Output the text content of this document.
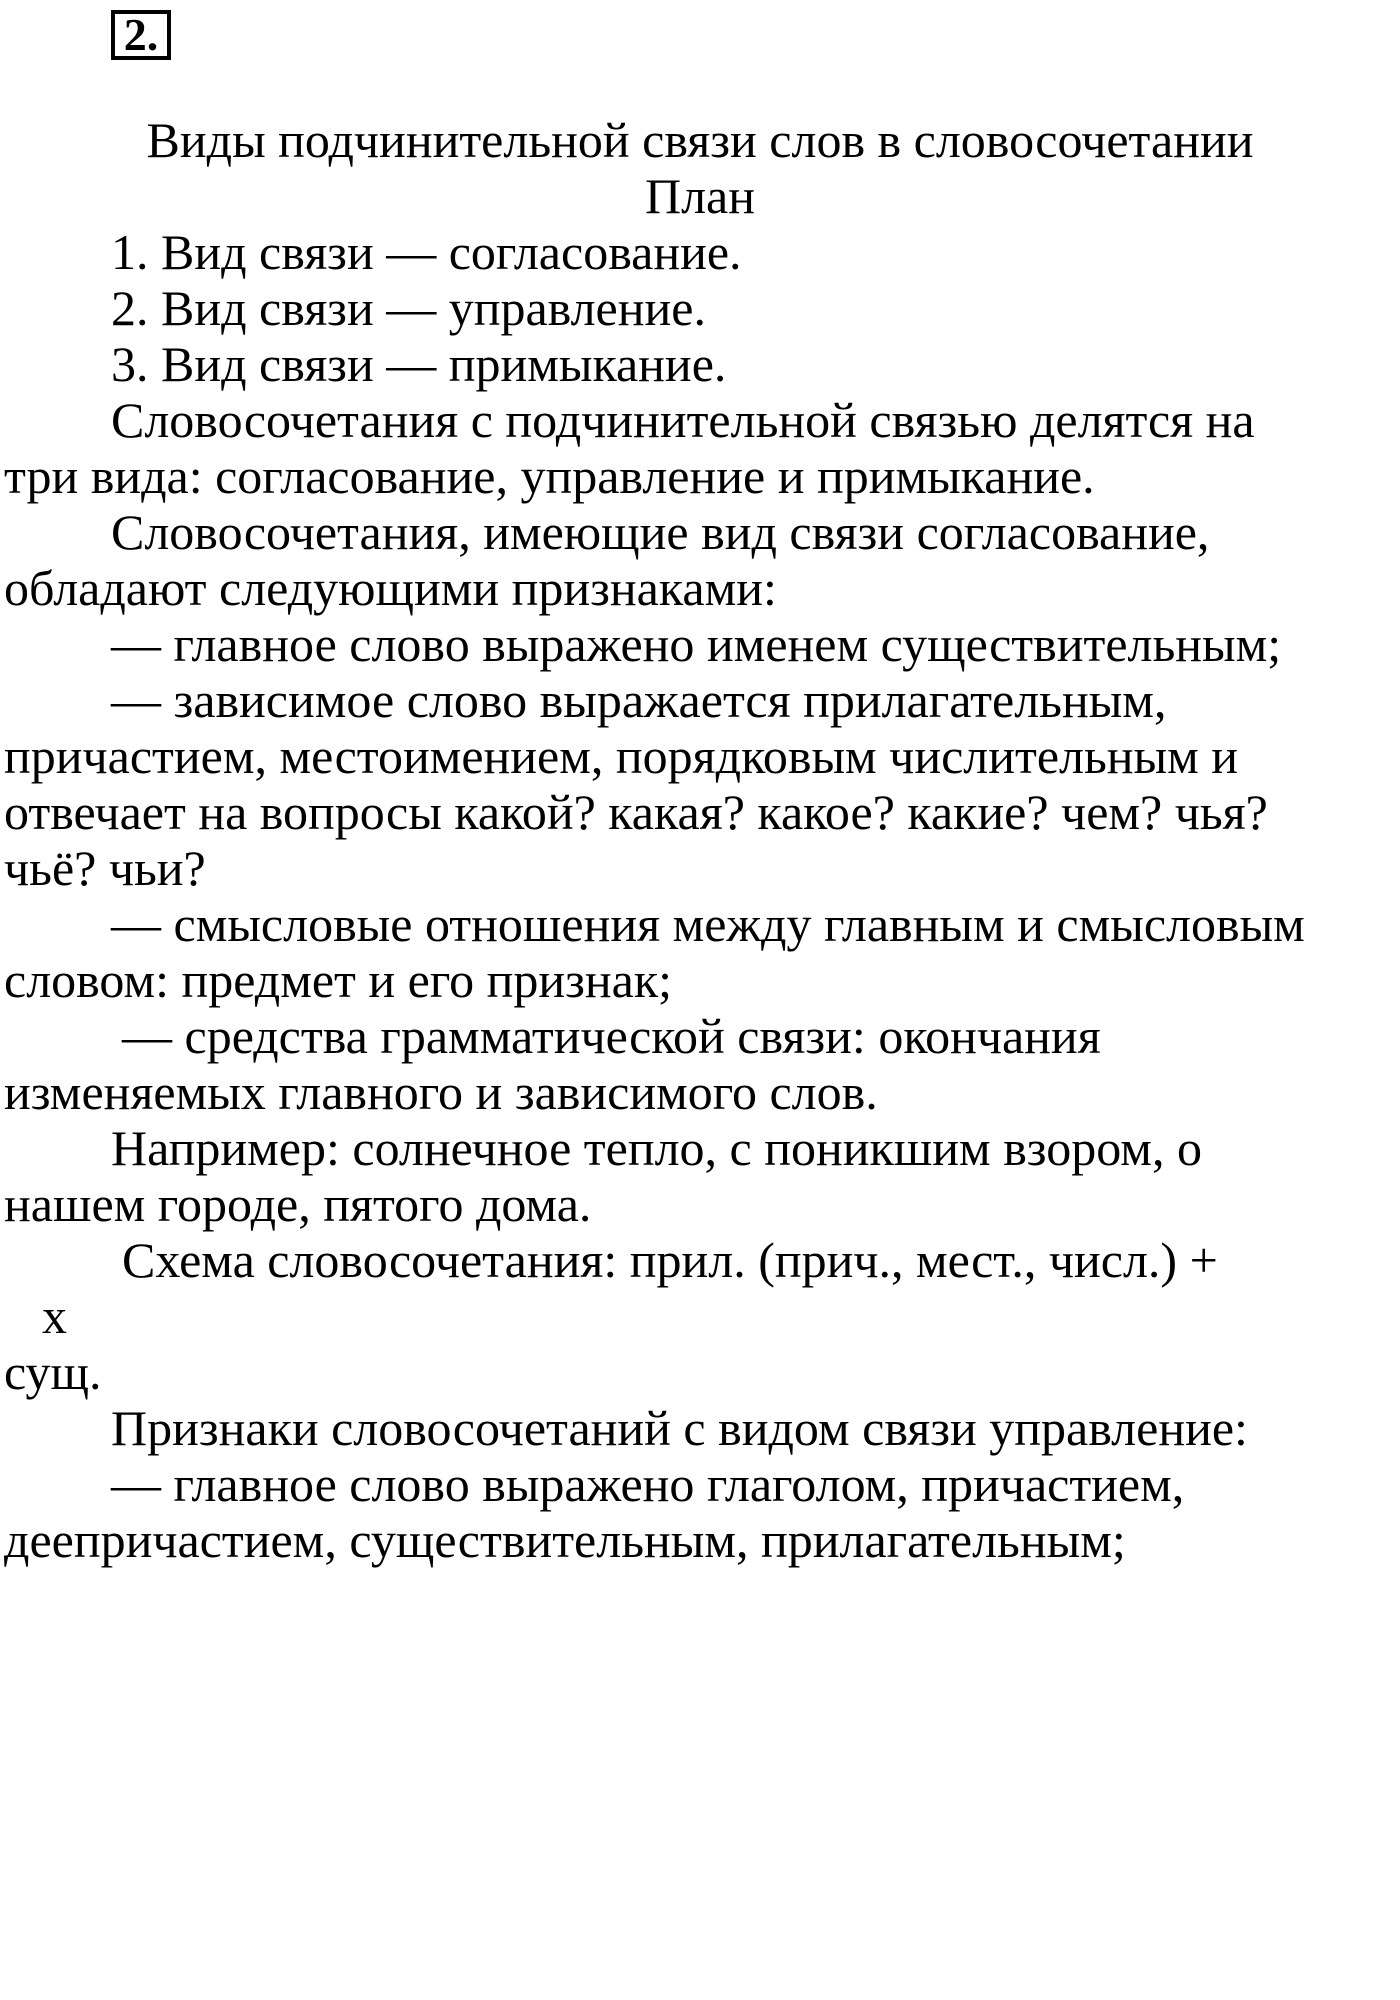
2.
Виды подчинительной связи слов в словосочетании
План
1. Вид связи — согласование.
2. Вид связи — управление.
3. Вид связи — примыкание.
Словосочетания с подчинительной связью делятся на
три вида: согласование, управление и примыкание.
Словосочетания, имеющие вид связи согласование,
обладают следующими признаками:
— главное слово выражено именем существительным;
— зависимое слово выражается прилагательным,
причастием, местоимением, порядковым числительным и
отвечает на вопросы какой? какая? какое? какие? чем? чья?
чьё? чьи?
— смысловые отношения между главным и смысловым
словом: предмет и его признак;
— средства грамматической связи: окончания
изменяемых главного и зависимого слов.
Например: солнечное тепло, с поникшим взором, о
нашем городе, пятого дома.
Схема словосочетания: прил. (прич., мест., числ.) +
x
сущ.
Признаки словосочетаний с видом связи управление:
— главное слово выражено глаголом, причастием,
деепричастием, существительным, прилагательным;
